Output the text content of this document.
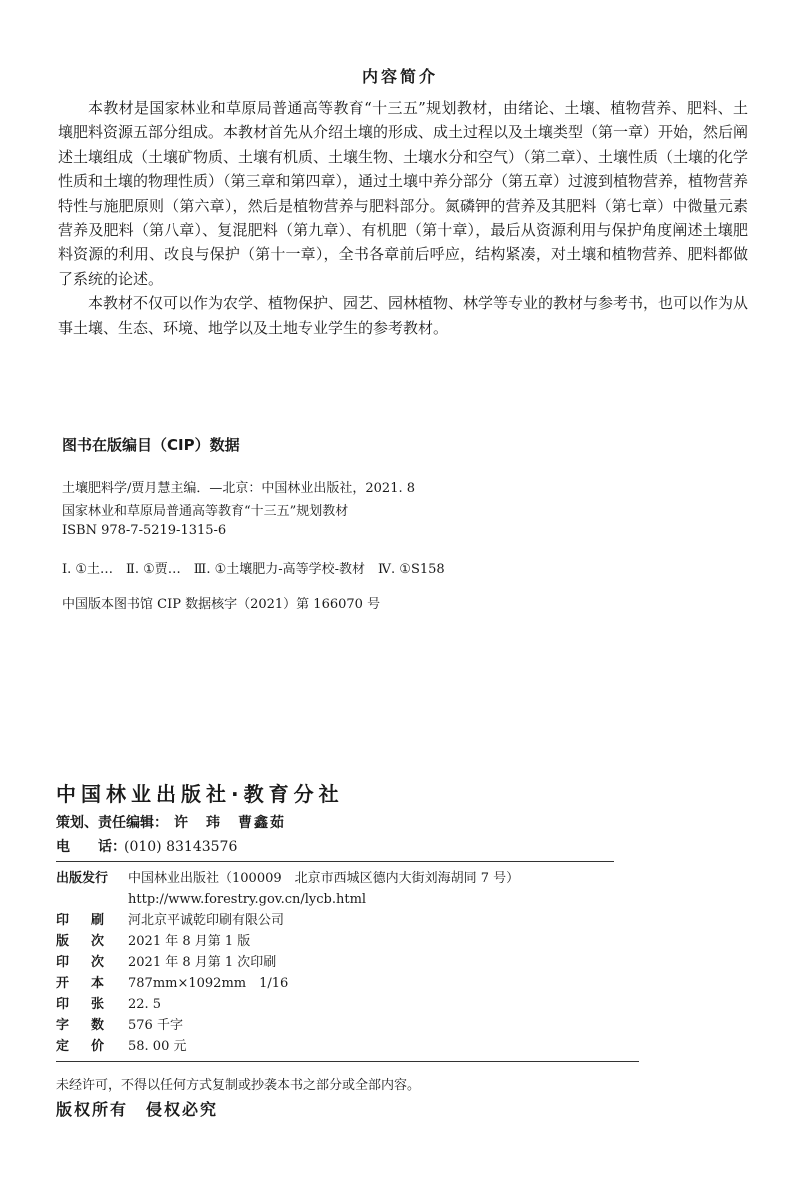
内容简介

本教材是国家林业和草原局普通高等教育“十三五”规划教材，由绪论、土壤、植物营养、肥料、土壤肥料资源五部分组成。本教材首先从介绍土壤的形成、成土过程以及土壤类型（第一章）开始，然后阐述土壤组成（土壤矿物质、土壤有机质、土壤生物、土壤水分和空气）（第二章）、土壤性质（土壤的化学性质和土壤的物理性质）（第三章和第四章），通过土壤中养分部分（第五章）过渡到植物营养，植物营养特性与施肥原则（第六章），然后是植物营养与肥料部分。氮磷钾的营养及其肥料（第七章）中微量元素营养及肥料（第八章）、复混肥料（第九章）、有机肥（第十章），最后从资源利用与保护角度阐述土壤肥料资源的利用、改良与保护（第十一章），全书各章前后呼应，结构紧凑，对土壤和植物营养、肥料都做了系统的论述。

本教材不仅可以作为农学、植物保护、园艺、园林植物、林学等专业的教材与参考书，也可以作为从事土壤、生态、环境、地学以及土地专业学生的参考教材。

图书在版编目（CIP）数据
土壤肥料学/贾月慧主编．—北京：中国林业出版社，2021. 8
国家林业和草原局普通高等教育“十三五”规划教材
ISBN 978-7-5219-1315-6
Ⅰ. ①土…　Ⅱ. ①贾…　Ⅲ. ①土壤肥力-高等学校-教材　Ⅳ. ①S158
中国版本图书馆 CIP 数据核字（2021）第 166070 号
中国林业出版社·教育分社
策划、责任编辑： 许　玮　曹鑫茹
电　　话：(010) 83143576
出版发行 中国林业出版社（100009　北京市西城区德内大街刘海胡同 7 号）
http://www.forestry.gov.cn/lycb.html
印刷 河北京平诚乾印刷有限公司
版次 2021 年 8 月第 1 版
印次 2021 年 8 月第 1 次印刷
开本 787mm×1092mm　1/16
印张 22. 5
字数 576 千字
定价 58. 00 元
未经许可，不得以任何方式复制或抄袭本书之部分或全部内容。
版权所有　侵权必究
